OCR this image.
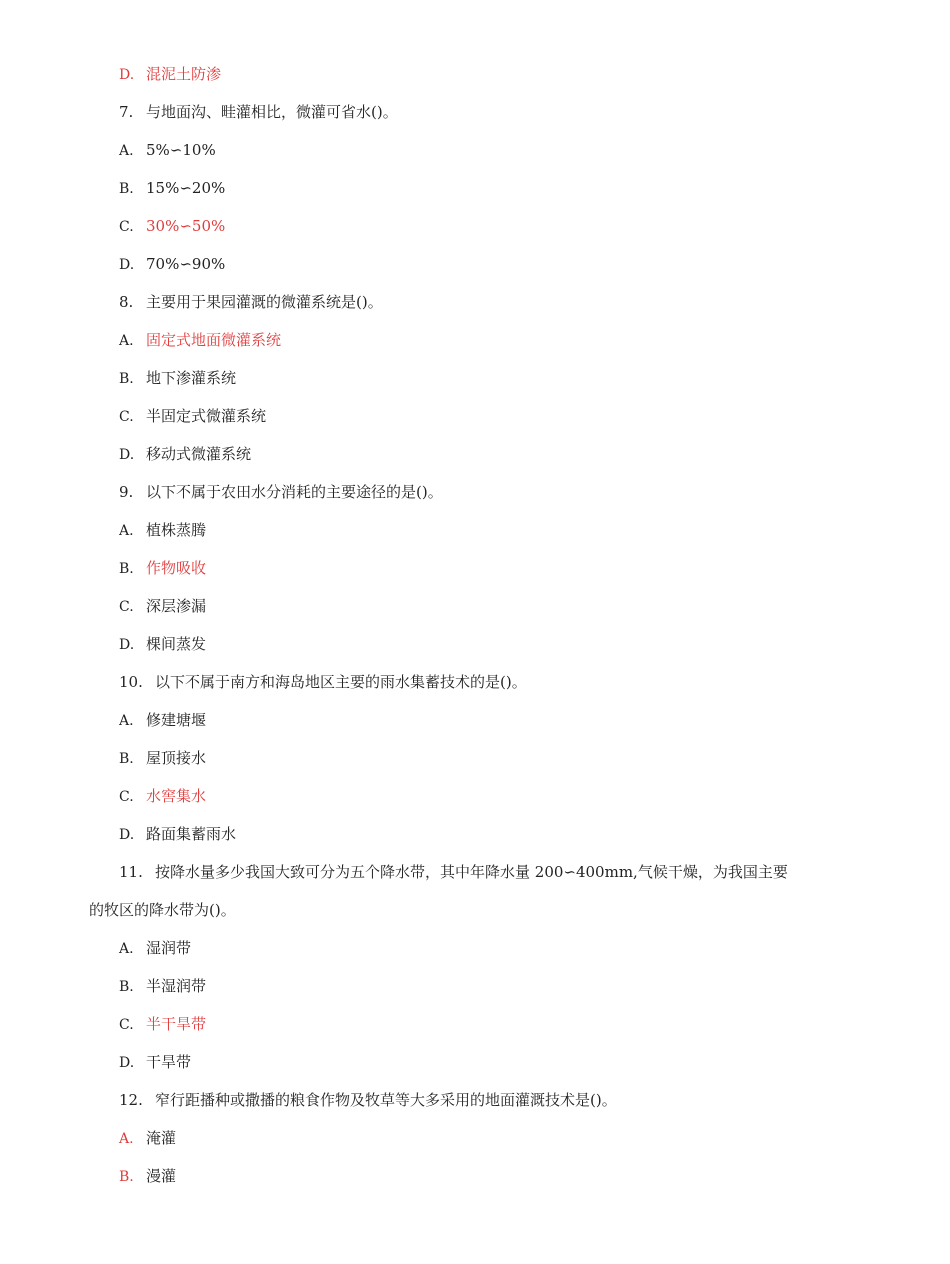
D. 混泥土防渗
7. 与地面沟、畦灌相比，微灌可省水()。
A. 5%∽10%
B. 15%∽20%
C. 30%∽50%
D. 70%∽90%
8. 主要用于果园灌溉的微灌系统是()。
A. 固定式地面微灌系统
B. 地下渗灌系统
C. 半固定式微灌系统
D. 移动式微灌系统
9. 以下不属于农田水分消耗的主要途径的是()。
A. 植株蒸腾
B. 作物吸收
C. 深层渗漏
D. 棵间蒸发
10. 以下不属于南方和海岛地区主要的雨水集蓄技术的是()。
A. 修建塘堰
B. 屋顶接水
C. 水窖集水
D. 路面集蓄雨水
11. 按降水量多少我国大致可分为五个降水带，其中年降水量 200∽400mm,气候干燥，为我国主要
的牧区的降水带为()。
A. 湿润带
B. 半湿润带
C. 半干旱带
D. 干旱带
12. 窄行距播种或撒播的粮食作物及牧草等大多采用的地面灌溉技术是()。
A. 淹灌
B. 漫灌
